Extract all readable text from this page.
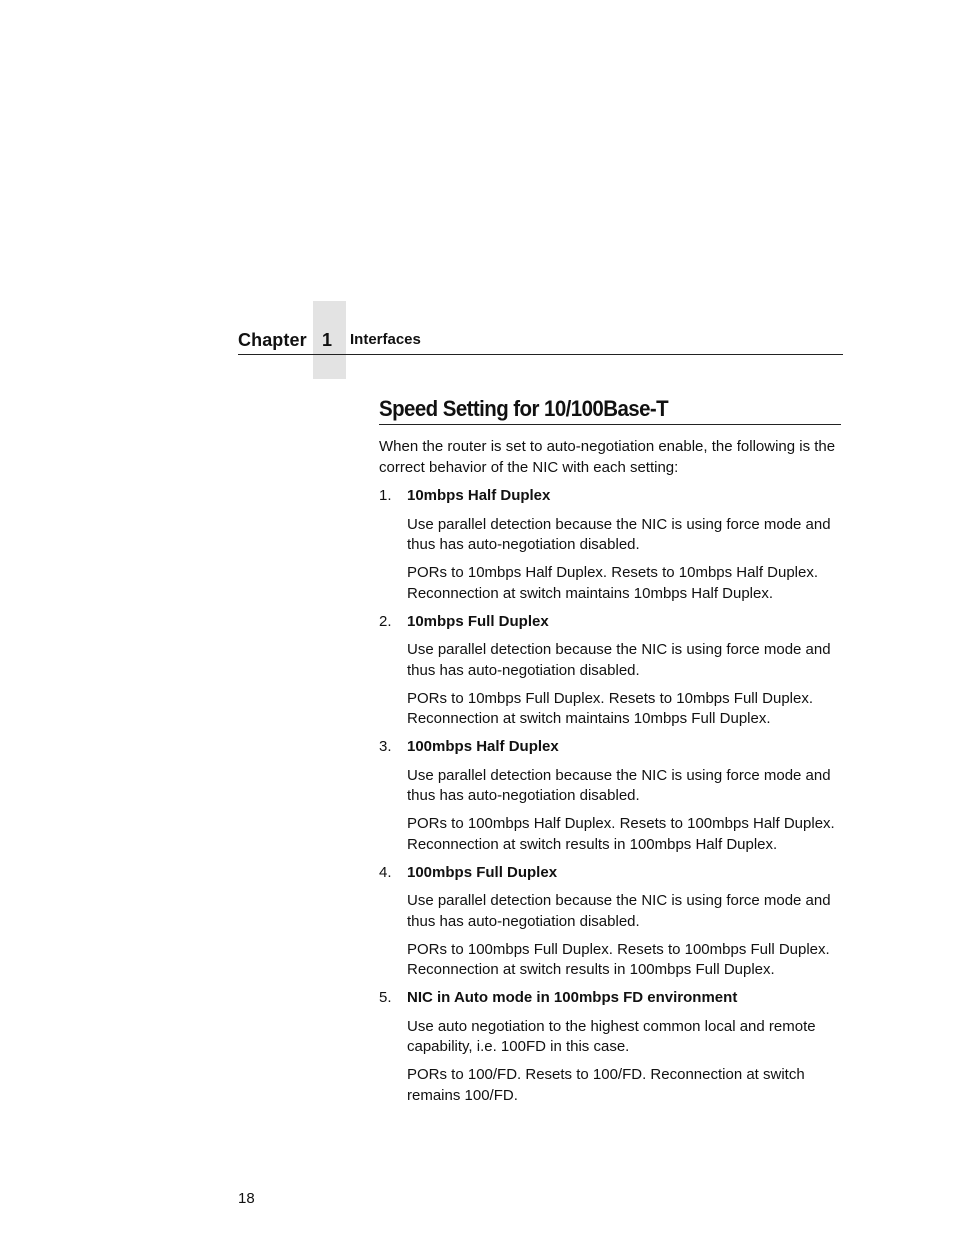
Chapter 1	Interfaces
Speed Setting for 10/100Base-T

When the router is set to auto-negotiation enable, the following is the correct behavior of the NIC with each setting:

1.	10mbps Half Duplex

Use parallel detection because the NIC is using force mode and thus has auto-negotiation disabled.

PORs to 10mbps Half Duplex. Resets to 10mbps Half Duplex. Reconnection at switch maintains 10mbps Half Duplex.

2.	10mbps Full Duplex

Use parallel detection because the NIC is using force mode and thus has auto-negotiation disabled.

PORs to 10mbps Full Duplex. Resets to 10mbps Full Duplex. Reconnection at switch maintains 10mbps Full Duplex.

3.	100mbps Half Duplex

Use parallel detection because the NIC is using force mode and thus has auto-negotiation disabled.

PORs to 100mbps Half Duplex. Resets to 100mbps Half Duplex. Reconnection at switch results in 100mbps Half Duplex.

4.	100mbps Full Duplex

Use parallel detection because the NIC is using force mode and thus has auto-negotiation disabled.

PORs to 100mbps Full Duplex. Resets to 100mbps Full Duplex. Reconnection at switch results in 100mbps Full Duplex.

5.	NIC in Auto mode in 100mbps FD environment

Use auto negotiation to the highest common local and remote capability, i.e. 100FD in this case.

PORs to 100/FD. Resets to 100/FD. Reconnection at switch remains 100/FD.

18
